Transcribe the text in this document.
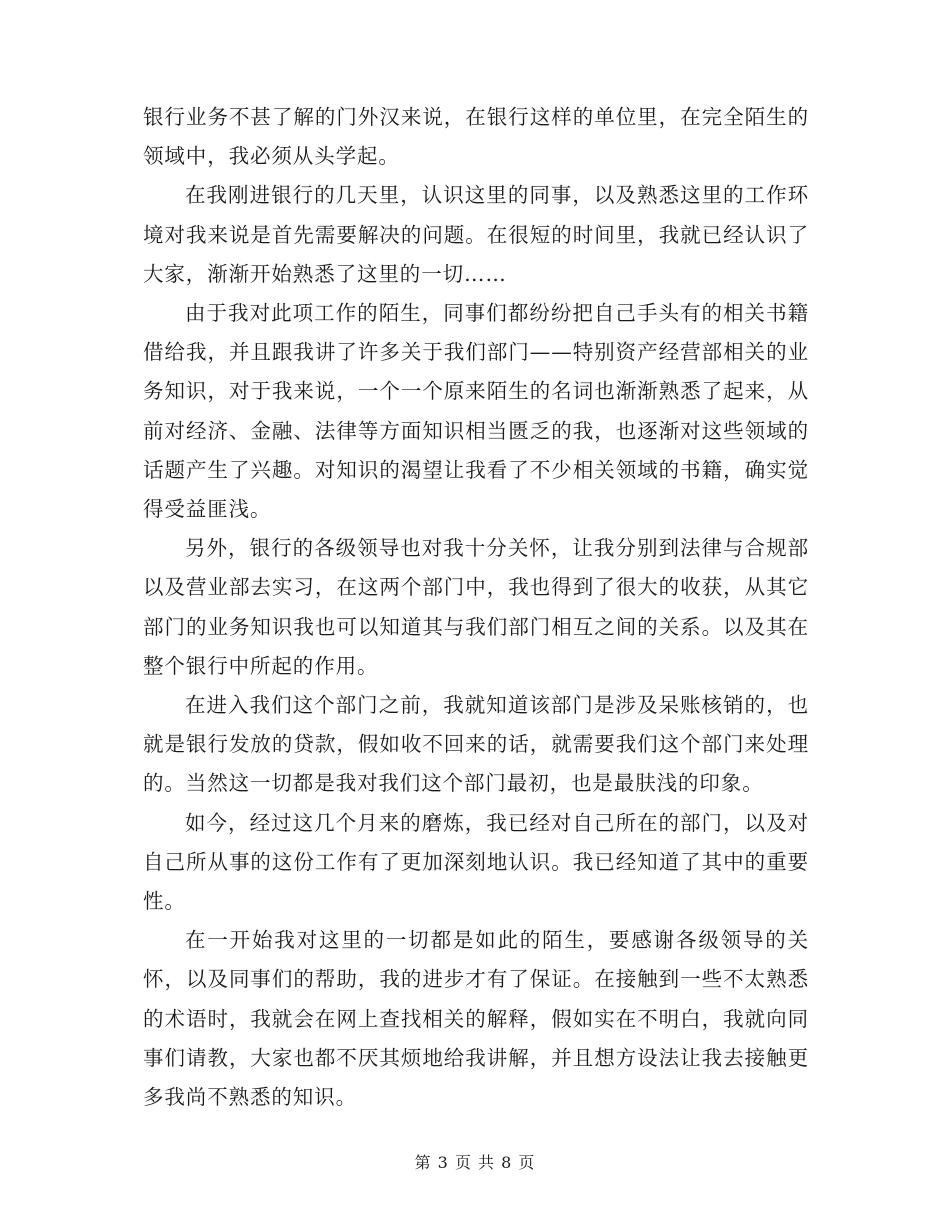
银行业务不甚了解的门外汉来说，在银行这样的单位里，在完全陌生的领域中，我必须从头学起。

在我刚进银行的几天里，认识这里的同事，以及熟悉这里的工作环境对我来说是首先需要解决的问题。在很短的时间里，我就已经认识了大家，渐渐开始熟悉了这里的一切……

由于我对此项工作的陌生，同事们都纷纷把自己手头有的相关书籍借给我，并且跟我讲了许多关于我们部门——特别资产经营部相关的业务知识，对于我来说，一个一个原来陌生的名词也渐渐熟悉了起来，从前对经济、金融、法律等方面知识相当匮乏的我，也逐渐对这些领域的话题产生了兴趣。对知识的渴望让我看了不少相关领域的书籍，确实觉得受益匪浅。

另外，银行的各级领导也对我十分关怀，让我分别到法律与合规部以及营业部去实习，在这两个部门中，我也得到了很大的收获，从其它部门的业务知识我也可以知道其与我们部门相互之间的关系。以及其在整个银行中所起的作用。

在进入我们这个部门之前，我就知道该部门是涉及呆账核销的，也就是银行发放的贷款，假如收不回来的话，就需要我们这个部门来处理的。当然这一切都是我对我们这个部门最初，也是最肤浅的印象。

如今，经过这几个月来的磨炼，我已经对自己所在的部门，以及对自己所从事的这份工作有了更加深刻地认识。我已经知道了其中的重要性。

在一开始我对这里的一切都是如此的陌生，要感谢各级领导的关怀，以及同事们的帮助，我的进步才有了保证。在接触到一些不太熟悉的术语时，我就会在网上查找相关的解释，假如实在不明白，我就向同事们请教，大家也都不厌其烦地给我讲解，并且想方设法让我去接触更多我尚不熟悉的知识。

第 3 页 共 8 页
